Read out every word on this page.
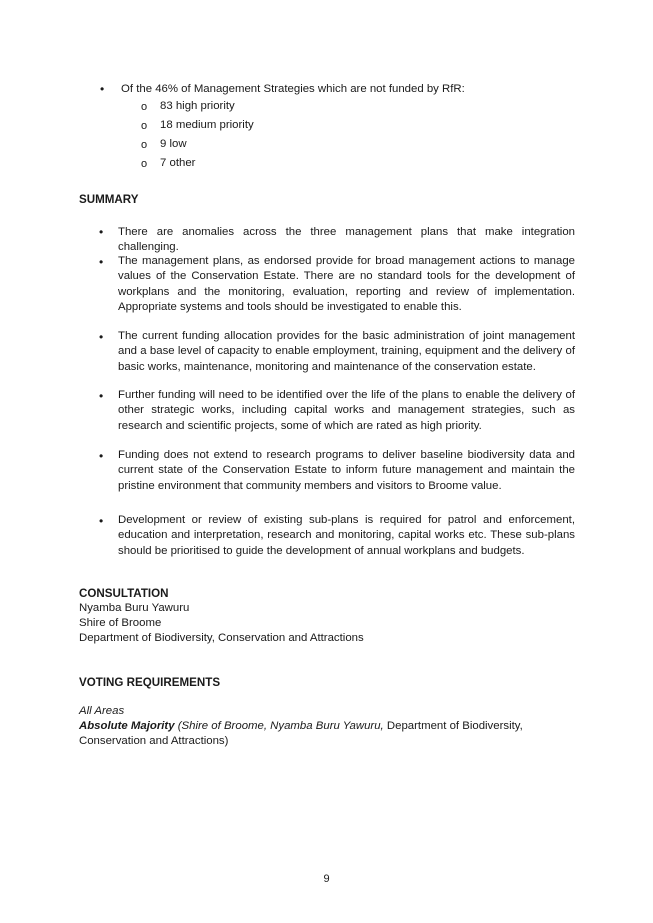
• Of the 46% of Management Strategies which are not funded by RfR:
o 83 high priority
o 18 medium priority
o 9 low
o 7 other
SUMMARY
• There are anomalies across the three management plans that make integration challenging.
• The management plans, as endorsed provide for broad management actions to manage values of the Conservation Estate. There are no standard tools for the development of workplans and the monitoring, evaluation, reporting and review of implementation. Appropriate systems and tools should be investigated to enable this.
• The current funding allocation provides for the basic administration of joint management and a base level of capacity to enable employment, training, equipment and the delivery of basic works, maintenance, monitoring and maintenance of the conservation estate.
• Further funding will need to be identified over the life of the plans to enable the delivery of other strategic works, including capital works and management strategies, such as research and scientific projects, some of which are rated as high priority.
• Funding does not extend to research programs to deliver baseline biodiversity data and current state of the Conservation Estate to inform future management and maintain the pristine environment that community members and visitors to Broome value.
• Development or review of existing sub-plans is required for patrol and enforcement, education and interpretation, research and monitoring, capital works etc. These sub-plans should be prioritised to guide the development of annual workplans and budgets.
CONSULTATION
Nyamba Buru Yawuru
Shire of Broome
Department of Biodiversity, Conservation and Attractions
VOTING REQUIREMENTS
All Areas
Absolute Majority (Shire of Broome, Nyamba Buru Yawuru, Department of Biodiversity, Conservation and Attractions)
9
